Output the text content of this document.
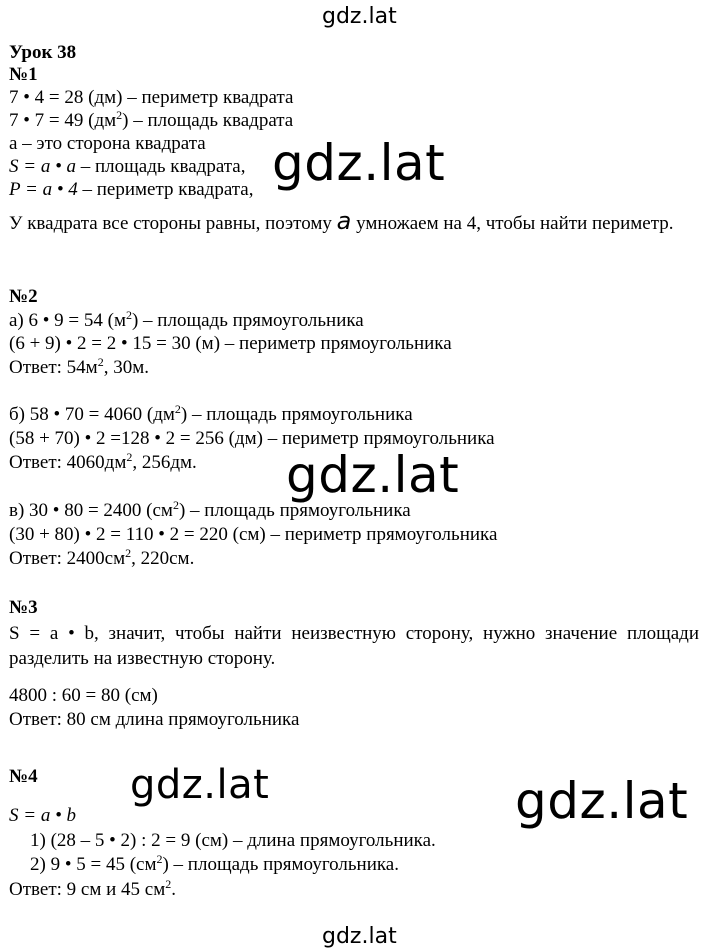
gdz.lat
gdz.lat
gdz.lat
gdz.lat	gdz.lat
gdz.lat
Урок 38
№1
7 • 4 = 28 (дм) – периметр квадрата
7 • 7 = 49 $(дм^2)$ – площадь квадрата
а – это сторона квадрата
S = a • a – площадь квадрата,
P = a • 4 – периметр квадрата,
У квадрата все стороны равны, поэтому a умножаем на 4, чтобы найти периметр.
№2
а) 6 • 9 = 54 $(м^2)$ – площадь прямоугольника
(6 + 9) • 2 = 2 • 15 = 30 (м) – периметр прямоугольника
Ответ: $54м^2$, 30м.
б) 58 • 70 = 4060 $(дм^2)$ – площадь прямоугольника
(58 + 70) • 2 =128 • 2 = 256 (дм) – периметр прямоугольника
Ответ: $4060дм^2$, 256дм.
в) 30 • 80 = 2400 $(см^2)$ – площадь прямоугольника
(30 + 80) • 2 = 110 • 2 = 220 (см) – периметр прямоугольника
Ответ: $2400см^2$, 220см.
№3
S = a • b, значит, чтобы найти неизвестную сторону, нужно значение площади разделить на известную сторону.
4800 : 60 = 80 (см)
Ответ: 80 см длина прямоугольника
№4
S = a • b
1) (28 – 5 • 2) : 2 = 9 (см) – длина прямоугольника.
2) 9 • 5 = 45 $(см^2)$ – площадь прямоугольника.
Ответ: 9 см и 45 $см^2$.
